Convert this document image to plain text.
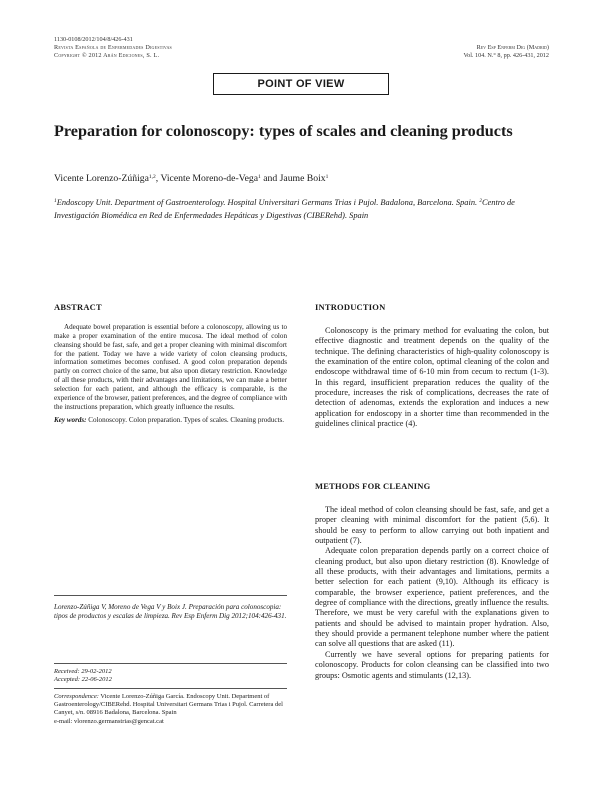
1130-0108/2012/104/8/426-431
Revista Española de Enfermedades Digestivas
Copyright © 2012 Arán Ediciones, S. L.
Rev Esp Enferm Dig (Madrid)
Vol. 104. N.° 8, pp. 426-431, 2012
POINT OF VIEW
Preparation for colonoscopy: types of scales and cleaning products
Vicente Lorenzo-Zúñiga$^{1,2}$, Vicente Moreno-de-Vega$^1$ and Jaume Boix$^1$
$^1$Endoscopy Unit. Department of Gastroenterology. Hospital Universitari Germans Trias i Pujol. Badalona, Barcelona. Spain. $^2$Centro de Investigación Biomédica en Red de Enfermedades Hepáticas y Digestivas (CIBERehd). Spain
ABSTRACT

Adequate bowel preparation is essential before a colonoscopy, allowing us to make a proper examination of the entire mucosa. The ideal method of colon cleansing should be fast, safe, and get a proper cleaning with minimal discomfort for the patient. Today we have a wide variety of colon cleansing products, information sometimes becomes confused. A good colon preparation depends partly on correct choice of the same, but also upon dietary restriction. Knowledge of all these products, with their advantages and limitations, we can make a better selection for each patient, and although the efficacy is comparable, is the experience of the browser, patient preferences, and the degree of compliance with the instructions preparation, which greatly influence the results.

Key words: Colonoscopy. Colon preparation. Types of scales. Cleaning products.

Lorenzo-Zúñiga V, Moreno de Vega V y Boix J. Preparación para colonoscopia: tipos de productos y escalas de limpieza. Rev Esp Enferm Dig 2012;104:426-431.

Received: 29-02-2012

Accepted: 22-06-2012

Correspondence: Vicente Lorenzo-Zúñiga García. Endoscopy Unit. Department of Gastroenterology/CIBERehd. Hospital Universitari Germans Trias i Pujol. Carretera del Canyet, s/n. 08916 Badalona, Barcelona. Spain

e-mail: vlorenzo.germanstrias@gencat.cat

INTRODUCTION

Colonoscopy is the primary method for evaluating the colon, but effective diagnostic and treatment depends on the quality of the technique. The defining characteristics of high-quality colonoscopy is the examination of the entire colon, optimal cleaning of the colon and endoscope withdrawal time of 6-10 min from cecum to rectum (1-3). In this regard, insufficient preparation reduces the quality of the procedure, increases the risk of complications, decreases the rate of detection of adenomas, extends the exploration and induces a new application for endoscopy in a shorter time than recommended in the guidelines clinical practice (4).

METHODS FOR CLEANING

The ideal method of colon cleansing should be fast, safe, and get a proper cleaning with minimal discomfort for the patient (5,6). It should be easy to perform to allow carrying out both inpatient and outpatient (7).

Adequate colon preparation depends partly on a correct choice of cleaning product, but also upon dietary restriction (8). Knowledge of all these products, with their advantages and limitations, permits a better selection for each patient (9,10). Although its efficacy is comparable, the browser experience, patient preferences, and the degree of compliance with the directions, greatly influence the results. Therefore, we must be very careful with the explanations given to patients and should be advised to maintain proper hydration. Also, they should provide a permanent telephone number where the patient can solve all questions that are asked (11).

Currently we have several options for preparing patients for colonoscopy. Products for colon cleansing can be classified into two groups: Osmotic agents and stimulants (12,13).
